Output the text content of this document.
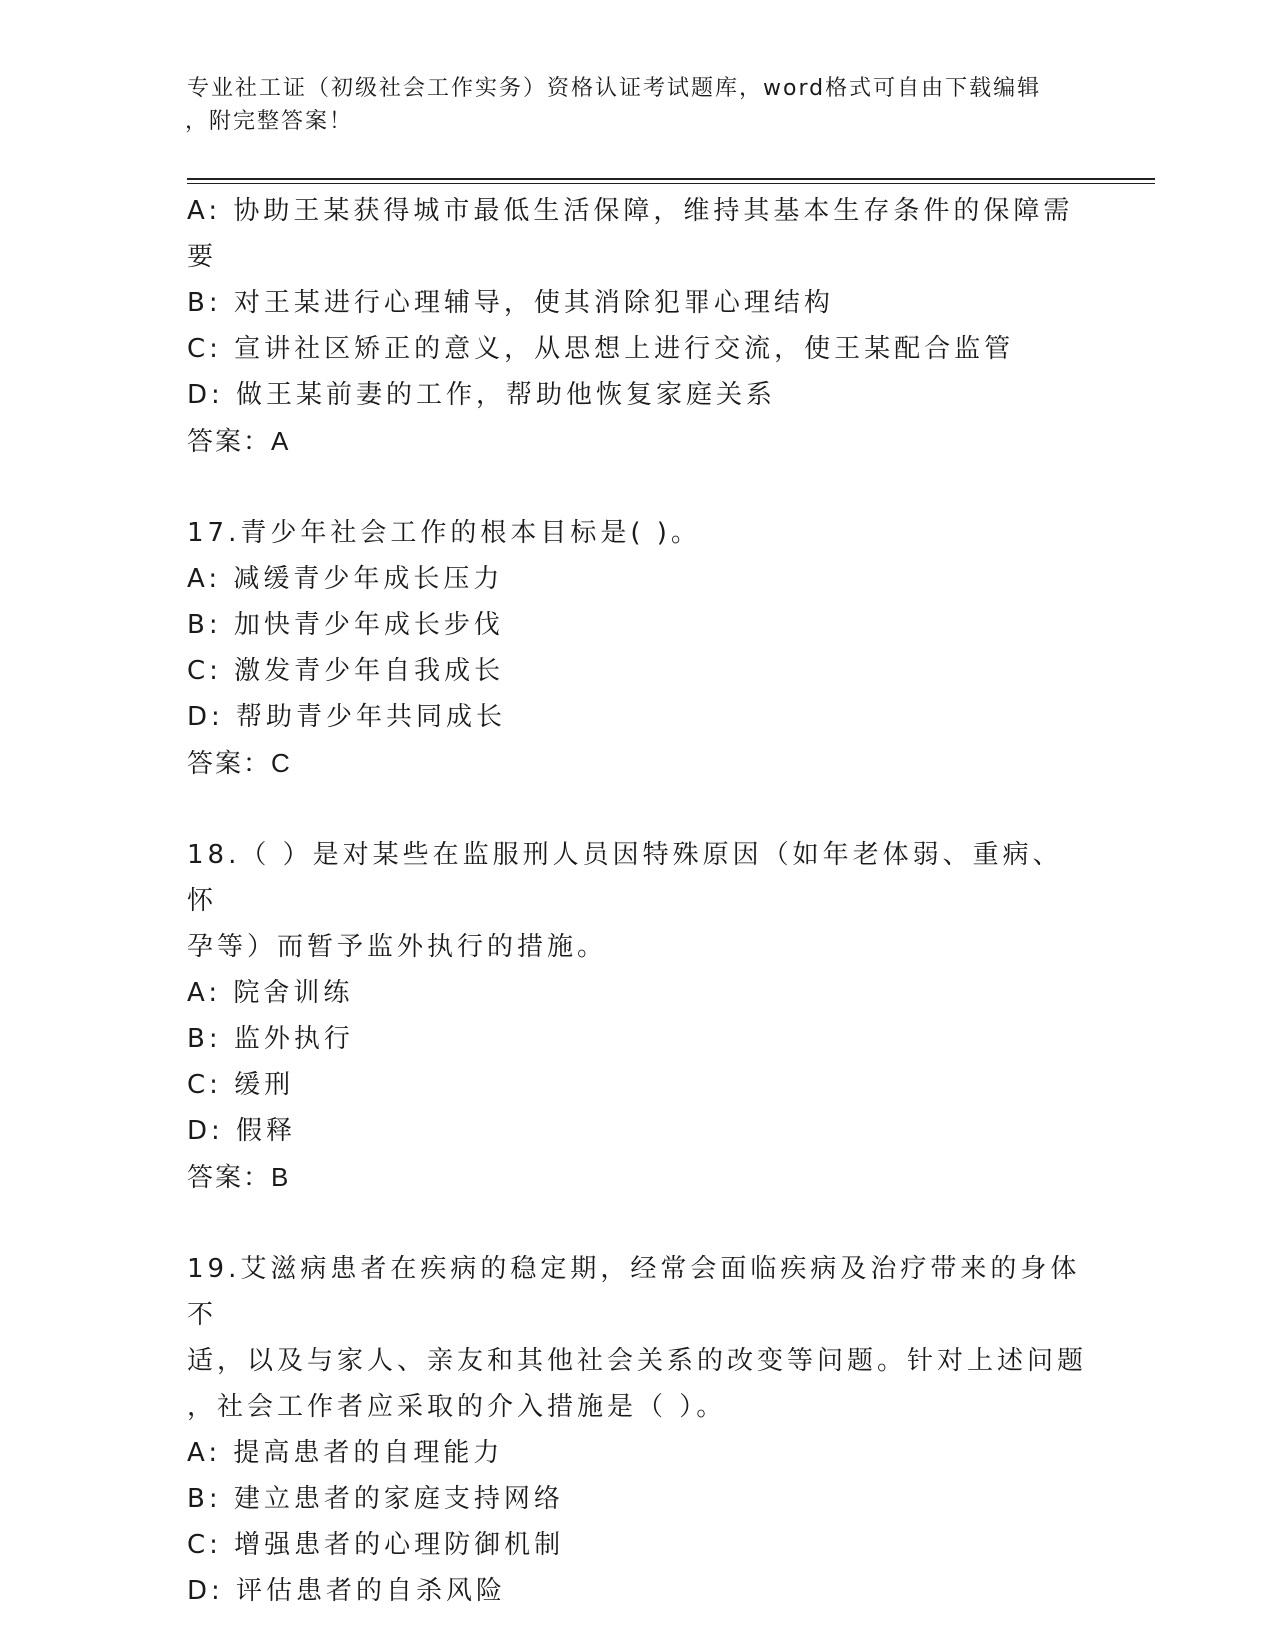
专业社工证（初级社会工作实务）资格认证考试题库，word格式可自由下载编辑
，附完整答案！
A: 协助王某获得城市最低生活保障，维持其基本生存条件的保障需要
B: 对王某进行心理辅导，使其消除犯罪心理结构
C: 宣讲社区矫正的意义，从思想上进行交流，使王某配合监管
D: 做王某前妻的工作，帮助他恢复家庭关系
答案：A
17.青少年社会工作的根本目标是( )。
A: 减缓青少年成长压力
B: 加快青少年成长步伐
C: 激发青少年自我成长
D: 帮助青少年共同成长
答案：C
18.（ ）是对某些在监服刑人员因特殊原因（如年老体弱、重病、怀
孕等）而暂予监外执行的措施。
A: 院舍训练
B: 监外执行
C: 缓刑
D: 假释
答案：B
19.艾滋病患者在疾病的稳定期，经常会面临疾病及治疗带来的身体不
适，以及与家人、亲友和其他社会关系的改变等问题。针对上述问题
，社会工作者应采取的介入措施是（ ）。
A: 提高患者的自理能力
B: 建立患者的家庭支持网络
C: 增强患者的心理防御机制
D: 评估患者的自杀风险
